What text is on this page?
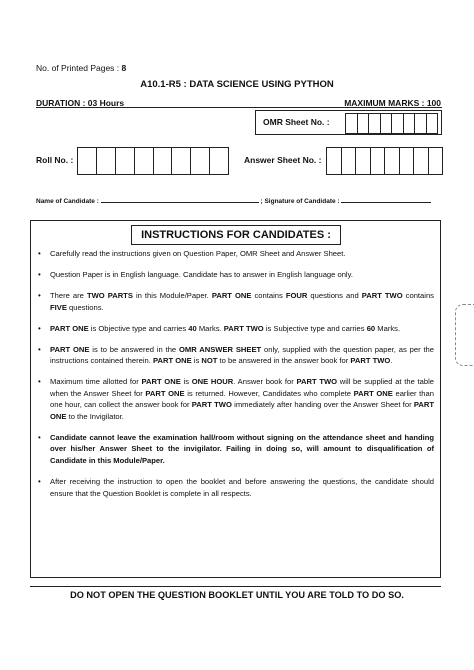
No. of Printed Pages : 8
A10.1-R5 : DATA SCIENCE USING PYTHON
DURATION : 03 Hours	MAXIMUM MARKS : 100
OMR Sheet No. :
Roll No. :	Answer Sheet No. :
Name of Candidate :	; Signature of Candidate :
INSTRUCTIONS FOR CANDIDATES :
• Carefully read the instructions given on Question Paper, OMR Sheet and Answer Sheet.
• Question Paper is in English language. Candidate has to answer in English language only.
• There are TWO PARTS in this Module/Paper. PART ONE contains FOUR questions and PART TWO contains FIVE questions.
• PART ONE is Objective type and carries 40 Marks. PART TWO is Subjective type and carries 60 Marks.
• PART ONE is to be answered in the OMR ANSWER SHEET only, supplied with the question paper, as per the instructions contained therein. PART ONE is NOT to be answered in the answer book for PART TWO.
• Maximum time allotted for PART ONE is ONE HOUR. Answer book for PART TWO will be supplied at the table when the Answer Sheet for PART ONE is returned. However, Candidates who complete PART ONE earlier than one hour, can collect the answer book for PART TWO immediately after handing over the Answer Sheet for PART ONE to the Invigilator.
• Candidate cannot leave the examination hall/room without signing on the attendance sheet and handing over his/her Answer Sheet to the invigilator. Failing in doing so, will amount to disqualification of Candidate in this Module/Paper.
• After receiving the instruction to open the booklet and before answering the questions, the candidate should ensure that the Question Booklet is complete in all respects.
DO NOT OPEN THE QUESTION BOOKLET UNTIL YOU ARE TOLD TO DO SO.
